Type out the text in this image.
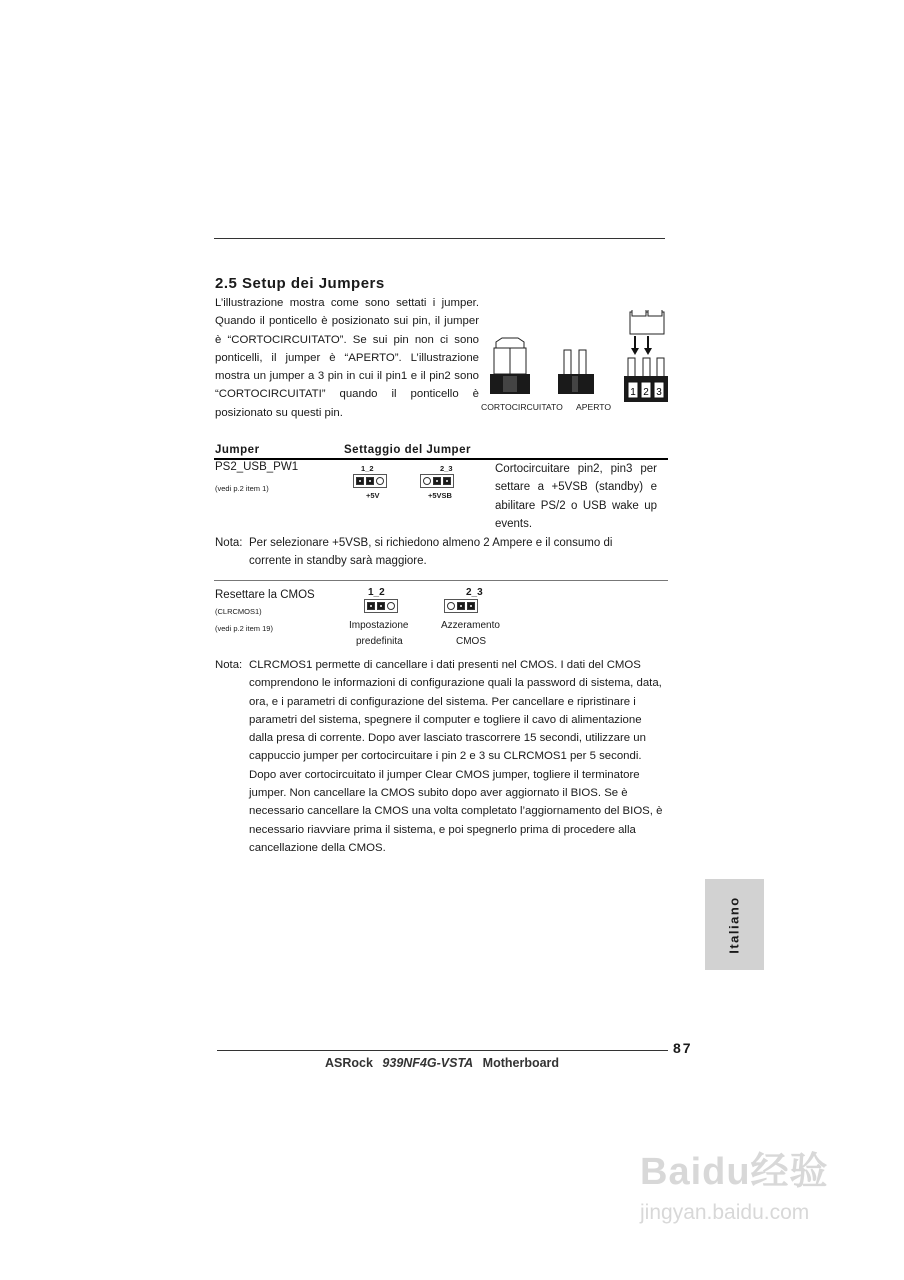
2.5 Setup dei Jumpers

L’illustrazione mostra come sono settati i jumper. Quando il ponticello è posizionato sui pin, il jumper è “CORTOCIRCUITATO”. Se sui pin non ci sono ponticelli, il jumper è “APERTO”. L’illustrazione mostra un jumper a 3 pin in cui il pin1 e il pin2 sono “CORTOCIRCUITATI” quando il ponticello è posizionato su questi pin.

1 2 3
CORTOCIRCUITATO APERTO
Jumper	Settaggio del Jumper
PS2_USB_PW1
(vedi p.2 item 1)
1_2
+5V
2_3
+5VSB
Cortocircuitare pin2, pin3 per settare a +5VSB (standby) e abilitare PS/2 o USB wake up events.
Nota: Per selezionare +5VSB, si richiedono almeno 2 Ampere e il consumo di corrente in standby sarà maggiore.
Resettare la CMOS
(CLRCMOS1)
(vedi p.2 item 19)
1_2
Impostazione
predefinita
2_3
Azzeramento
CMOS
Nota: CLRCMOS1 permette di cancellare i dati presenti nel CMOS. I dati del CMOS comprendono le informazioni di configurazione quali la password di sistema, data, ora, e i parametri di configurazione del sistema. Per cancellare e ripristinare i parametri del sistema, spegnere il computer e togliere il cavo di alimentazione dalla presa di corrente. Dopo aver lasciato trascorrere 15 secondi, utilizzare un cappuccio jumper per cortocircuitare i pin 2 e 3 su CLRCMOS1 per 5 secondi. Dopo aver cortocircuitato il jumper Clear CMOS jumper, togliere il terminatore jumper. Non cancellare la CMOS subito dopo aver aggiornato il BIOS. Se è necessario cancellare la CMOS una volta completato l’aggiornamento del BIOS, è necessario riavviare prima il sistema, e poi spegnerlo prima di procedere alla cancellazione della CMOS.
Italiano
87
ASRock 939NF4G-VSTA Motherboard
Baidu经验
jingyan.baidu.com
